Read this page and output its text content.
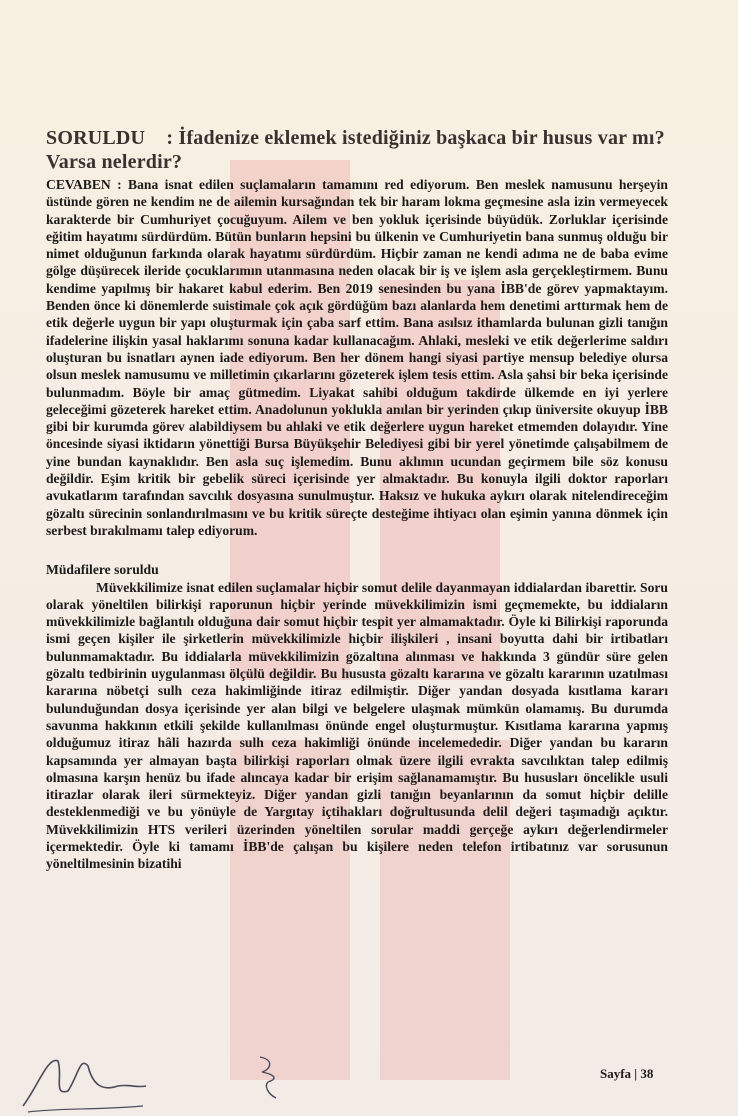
SORULDU : İfadenize eklemek istediğiniz başkaca bir husus var mı? Varsa nelerdir?
CEVABEN : Bana isnat edilen suçlamaların tamamını red ediyorum. Ben meslek namusunu herşeyin üstünde gören ne kendim ne de ailemin kursağından tek bir haram lokma geçmesine asla izin vermeyecek karakterde bir Cumhuriyet çocuğuyum. Ailem ve ben yokluk içerisinde büyüdük. Zorluklar içerisinde eğitim hayatımı sürdürdüm. Bütün bunların hepsini bu ülkenin ve Cumhuriyetin bana sunmuş olduğu bir nimet olduğunun farkında olarak hayatımı sürdürdüm. Hiçbir zaman ne kendi adıma ne de baba evime gölge düşürecek ileride çocuklarımın utanmasına neden olacak bir iş ve işlem asla gerçekleştirmem. Bunu kendime yapılmış bir hakaret kabul ederim. Ben 2019 senesinden bu yana İBB'de görev yapmaktayım. Benden önce ki dönemlerde suistimale çok açık gördüğüm bazı alanlarda hem denetimi arttırmak hem de etik değerle uygun bir yapı oluşturmak için çaba sarf ettim. Bana asılsız ithamlarda bulunan gizli tanığın ifadelerine ilişkin yasal haklarımı sonuna kadar kullanacağım. Ahlaki, mesleki ve etik değerlerime saldırı oluşturan bu isnatları aynen iade ediyorum. Ben her dönem hangi siyasi partiye mensup belediye olursa olsun meslek namusumu ve milletimin çıkarlarını gözeterek işlem tesis ettim. Asla şahsi bir beka içerisinde bulunmadım. Böyle bir amaç gütmedim. Liyakat sahibi olduğum takdirde ülkemde en iyi yerlere geleceğimi gözeterek hareket ettim. Anadolunun yoklukla anılan bir yerinden çıkıp üniversite okuyup İBB gibi bir kurumda görev alabildiysem bu ahlaki ve etik değerlere uygun hareket etmemden dolayıdır. Yine öncesinde siyasi iktidarın yönettiği Bursa Büyükşehir Belediyesi gibi bir yerel yönetimde çalışabilmem de yine bundan kaynaklıdır. Ben asla suç işlemedim. Bunu aklımın ucundan geçirmem bile söz konusu değildir. Eşim kritik bir gebelik süreci içerisinde yer almaktadır. Bu konuyla ilgili doktor raporları avukatlarım tarafından savcılık dosyasına sunulmuştur. Haksız ve hukuka aykırı olarak nitelendireceğim gözaltı sürecinin sonlandırılmasını ve bu kritik süreçte desteğime ihtiyacı olan eşimin yanına dönmek için serbest bırakılmamı talep ediyorum.
Müdafilere soruldu
Müvekkilimize isnat edilen suçlamalar hiçbir somut delile dayanmayan iddialardan ibarettir. Soru olarak yöneltilen bilirkişi raporunun hiçbir yerinde müvekkilimizin ismi geçmemekte, bu iddiaların müvekkilimizle bağlantılı olduğuna dair somut hiçbir tespit yer almamaktadır. Öyle ki Bilirkişi raporunda ismi geçen kişiler ile şirketlerin müvekkilimizle hiçbir ilişkileri , insani boyutta dahi bir irtibatları bulunmamaktadır. Bu iddialarla müvekkilimizin gözaltına alınması ve hakkında 3 gündür süre gelen gözaltı tedbirinin uygulanması ölçülü değildir. Bu hususta gözaltı kararına ve gözaltı kararının uzatılması kararına nöbetçi sulh ceza hakimliğinde itiraz edilmiştir. Diğer yandan dosyada kısıtlama kararı bulunduğundan dosya içerisinde yer alan bilgi ve belgelere ulaşmak mümkün olamamış. Bu durumda savunma hakkının etkili şekilde kullanılması önünde engel oluşturmuştur. Kısıtlama kararına yapmış olduğumuz itiraz hâli hazırda sulh ceza hakimliği önünde incelemededir. Diğer yandan bu kararın kapsamında yer almayan başta bilirkişi raporları olmak üzere ilgili evrakta savcılıktan talep edilmiş olmasına karşın henüz bu ifade alıncaya kadar bir erişim sağlanamamıştır. Bu hususları öncelikle usuli itirazlar olarak ileri sürmekteyiz. Diğer yandan gizli tanığın beyanlarının da somut hiçbir delille desteklenmediği ve bu yönüyle de Yargıtay içtihakları doğrultusunda delil değeri taşımadığı açıktır. Müvekkilimizin HTS verileri üzerinden yöneltilen sorular maddi gerçeğe aykırı değerlendirmeler içermektedir. Öyle ki tamamı İBB'de çalışan bu kişilere neden telefon irtibatınız var sorusunun yöneltilmesinin bizatihi
Sayfa | 38
